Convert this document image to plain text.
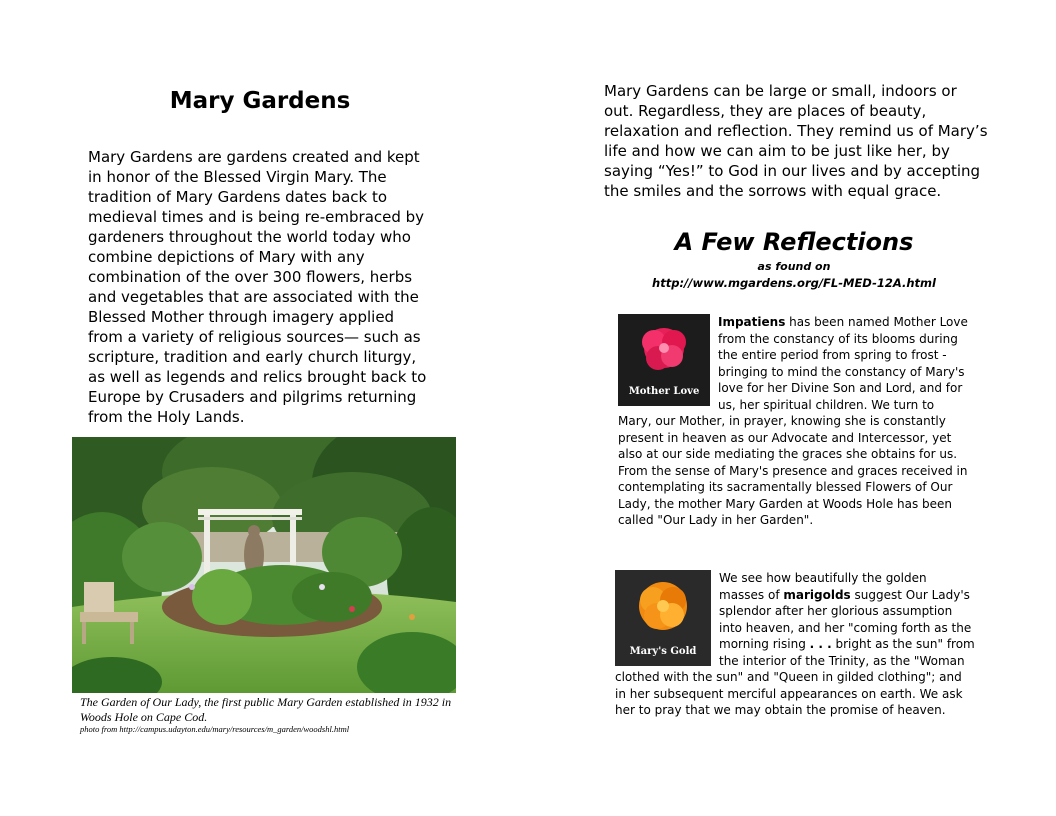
Mary Gardens

Mary Gardens are gardens created and kept in honor of the Blessed Virgin Mary. The tradition of Mary Gardens dates back to medieval times and is being re-embraced by gardeners throughout the world today who combine depictions of Mary with any combination of the over 300 flowers, herbs and vegetables that are associated with the Blessed Mother through imagery applied from a variety of religious sources— such as scripture, tradition and early church liturgy, as well as legends and relics brought back to Europe by Crusaders and pilgrims returning from the Holy Lands.

The Garden of Our Lady, the first public Mary Garden established in 1932 in Woods Hole on Cape Cod.

photo from http://campus.udayton.edu/mary/resources/m_garden/woodshl.html

Mary Gardens can be large or small, indoors or out. Regardless, they are places of beauty, relaxation and reflection. They remind us of Mary’s life and how we can aim to be just like her, by saying “Yes!” to God in our lives and by accepting the smiles and the sorrows with equal grace.

A Few Reflections

as found on

http://www.mgardens.org/FL-MED-12A.html

Mother Love
Impatiens has been named Mother Love from the constancy of its blooms during the entire period from spring to frost - bringing to mind the constancy of Mary's love for her Divine Son and Lord, and for us, her spiritual children. We turn to Mary, our Mother, in prayer, knowing she is constantly present in heaven as our Advocate and Intercessor, yet also at our side mediating the graces she obtains for us. From the sense of Mary's presence and graces received in contemplating its sacramentally blessed Flowers of Our Lady, the mother Mary Garden at Woods Hole has been called "Our Lady in her Garden".
Mary's Gold
We see how beautifully the golden masses of marigolds suggest Our Lady's splendor after her glorious assumption into heaven, and her "coming forth as the morning rising . . . bright as the sun" from the interior of the Trinity, as the "Woman clothed with the sun" and "Queen in gilded clothing"; and in her subsequent merciful appearances on earth. We ask her to pray that we may obtain the promise of heaven.
